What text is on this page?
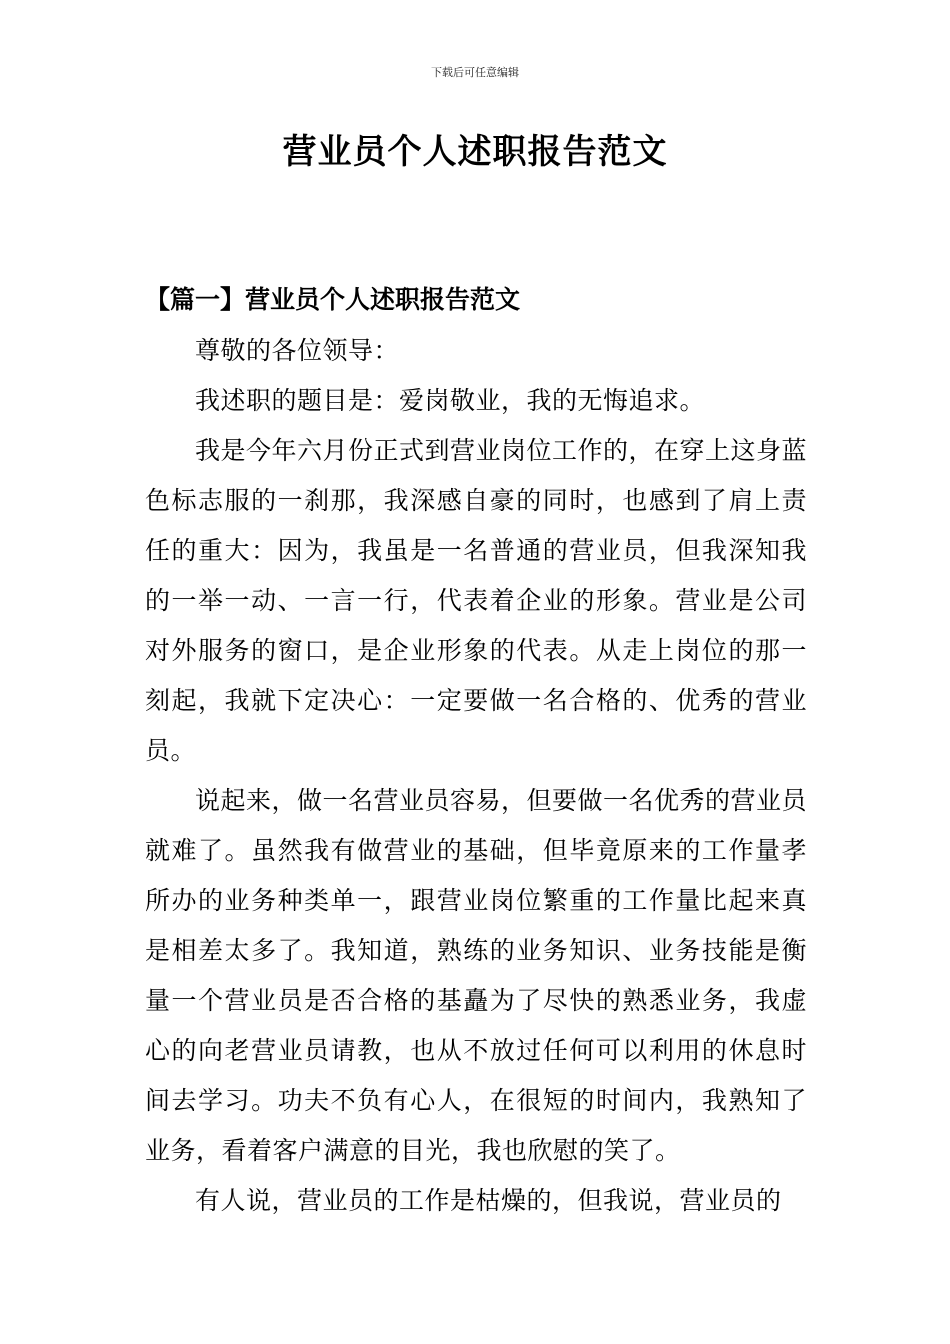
下载后可任意编辑
营业员个人述职报告范文
【篇一】营业员个人述职报告范文

尊敬的各位领导：

我述职的题目是：爱岗敬业，我的无悔追求。

我是今年六月份正式到营业岗位工作的，在穿上这身蓝色标志服的一刹那，我深感自豪的同时，也感到了肩上责任的重大：因为，我虽是一名普通的营业员，但我深知我的一举一动、一言一行，代表着企业的形象。营业是公司对外服务的窗口，是企业形象的代表。从走上岗位的那一刻起，我就下定决心：一定要做一名合格的、优秀的营业员。

说起来，做一名营业员容易，但要做一名优秀的营业员就难了。虽然我有做营业的基础，但毕竟原来的工作量孝所办的业务种类单一，跟营业岗位繁重的工作量比起来真是相差太多了。我知道，熟练的业务知识、业务技能是衡量一个营业员是否合格的基矗为了尽快的熟悉业务，我虚心的向老营业员请教，也从不放过任何可以利用的休息时间去学习。功夫不负有心人，在很短的时间内，我熟知了业务，看着客户满意的目光，我也欣慰的笑了。

有人说，营业员的工作是枯燥的，但我说，营业员的
